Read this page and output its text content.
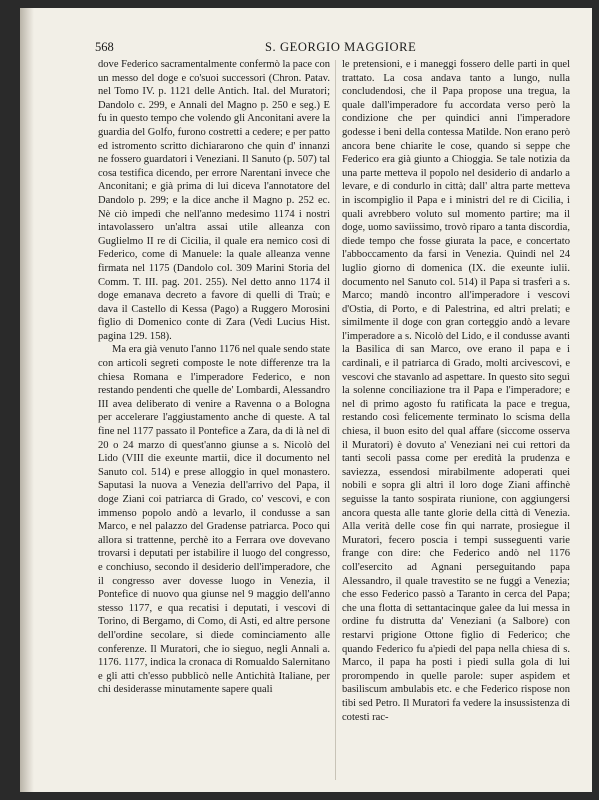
568	S. GEORGIO MAGGIORE

dove Federico sacramentalmente confermò la pace con un messo del doge e co'suoi successori (Chron. Patav. nel Tomo IV. p. 1121 delle Antich. Ital. del Muratori; Dandolo c. 299, e Annali del Magno p. 250 e seg.) E fu in questo tempo che volendo gli Anconitani avere la guardia del Golfo, furono costretti a cedere; e per patto ed istromento scritto dichiararono che quin d' innanzi ne fossero guardatori i Veneziani. Il Sanuto (p. 507) tal cosa testifica dicendo, per errore Narentani invece che Anconitani; e già prima di lui diceva l'annotatore del Dandolo p. 299; e la dice anche il Magno p. 252 ec. Nè ciò impedì che nell'anno medesimo 1174 i nostri intavolassero un'altra assai utile alleanza con Guglielmo II re di Cicilia, il quale era nemico così di Federico, come di Manuele: la quale alleanza venne firmata nel 1175 (Dandolo col. 309 Marini Storia del Comm. T. III. pag. 201. 255). Nel detto anno 1174 il doge emanava decreto a favore di quelli di Traù; e dava il Castello di Kessa (Pago) a Ruggero Morosini figlio di Domenico conte di Zara (Vedi Lucius Hist. pagina 129. 158).

Ma era già venuto l'anno 1176 nel quale sendo state con articoli segreti composte le note differenze tra la chiesa Romana e l'imperadore Federico, e non restando pendenti che quelle de' Lombardi, Alessandro III avea deliberato di venire a Ravenna o a Bologna per accelerare l'aggiustamento anche di queste. A tal fine nel 1177 passato il Pontefice a Zara, da di là nel dì 20 o 24 marzo di quest'anno giunse a s. Nicolò del Lido (VIII die exeunte martii, dice il documento nel Sanuto col. 514) e prese alloggio in quel monastero. Saputasi la nuova a Venezia dell'arrivo del Papa, il doge Ziani coi patriarca di Grado, co' vescovi, e con immenso popolo andò a levarlo, il condusse a san Marco, e nel palazzo del Gradense patriarca. Poco qui allora si trattenne, perchè ito a Ferrara ove dovevano trovarsi i deputati per istabilire il luogo del congresso, e conchiuso, secondo il desiderio dell'imperadore, che il congresso aver dovesse luogo in Venezia, il Pontefice di nuovo qua giunse nel 9 maggio dell'anno stesso 1177, e qua recatisi i deputati, i vescovi di Torino, di Bergamo, di Como, di Asti, ed altre persone dell'ordine secolare, si diede cominciamento alle conferenze. Il Muratori, che io sieguo, negli Annali a. 1176. 1177, indica la cronaca di Romualdo Salernitano e gli atti ch'esso pubblicò nelle Antichità Italiane, per chi desiderasse minutamente sapere quali

le pretensioni, e i maneggi fossero delle parti in quel trattato. La cosa andava tanto a lungo, nulla concludendosi, che il Papa propose una tregua, la quale dall'imperadore fu accordata verso però la condizione che per quindici anni l'imperadore godesse i beni della contessa Matilde. Non erano però ancora bene chiarite le cose, quando si seppe che Federico era già giunto a Chioggia. Se tale notizia da una parte metteva il popolo nel desiderio di andarlo a levare, e di condurlo in città; dall' altra parte metteva in iscompiglio il Papa e i ministri del re di Cicilia, i quali avrebbero voluto sul momento partire; ma il doge, uomo saviissimo, trovò riparo a tanta discordia, diede tempo che fosse giurata la pace, e concertato l'abboccamento da farsi in Venezia. Quindi nel 24 luglio giorno di domenica (IX. die exeunte iulii. documento nel Sanuto col. 514) il Papa si trasferì a s. Marco; mandò incontro all'imperadore i vescovi d'Ostia, di Porto, e di Palestrina, ed altri prelati; e similmente il doge con gran corteggio andò a levare l'imperadore a s. Nicolò del Lido, e il condusse avanti la Basilica di san Marco, ove erano il papa e i cardinali, e il patriarca di Grado, molti arcivescovi, e vescovi che stavanlo ad aspettare. In questo sito seguì la solenne conciliazione tra il Papa e l'imperadore; e nel dì primo agosto fu ratificata la pace e tregua, restando così felicemente terminato lo scisma della chiesa, il buon esito del qual affare (siccome osserva il Muratori) è dovuto a' Veneziani nei cui rettori da tanti secoli passa come per eredità la prudenza e saviezza, essendosi mirabilmente adoperati quei nobili e sopra gli altri il loro doge Ziani affinchè seguisse la tanto sospirata riunione, con aggiungersi ancora questa alle tante glorie della città di Venezia. Alla verità delle cose fin qui narrate, prosiegue il Muratori, fecero poscia i tempi susseguenti varie frange con dire: che Federico andò nel 1176 coll'esercito ad Agnani perseguitando papa Alessandro, il quale travestito se ne fuggì a Venezia; che esso Federico passò a Taranto in cerca del Papa; che una flotta di settantacinque galee da lui messa in ordine fu distrutta da' Veneziani (a Salbore) con restarvi prigione Ottone figlio di Federico; che quando Federico fu a'piedi del papa nella chiesa di s. Marco, il papa ha posti i piedi sulla gola di lui prorompendo in quelle parole: super aspidem et basiliscum ambulabis etc. e che Federico rispose non tibi sed Petro. Il Muratori fa vedere la insussistenza di cotesti rac-
